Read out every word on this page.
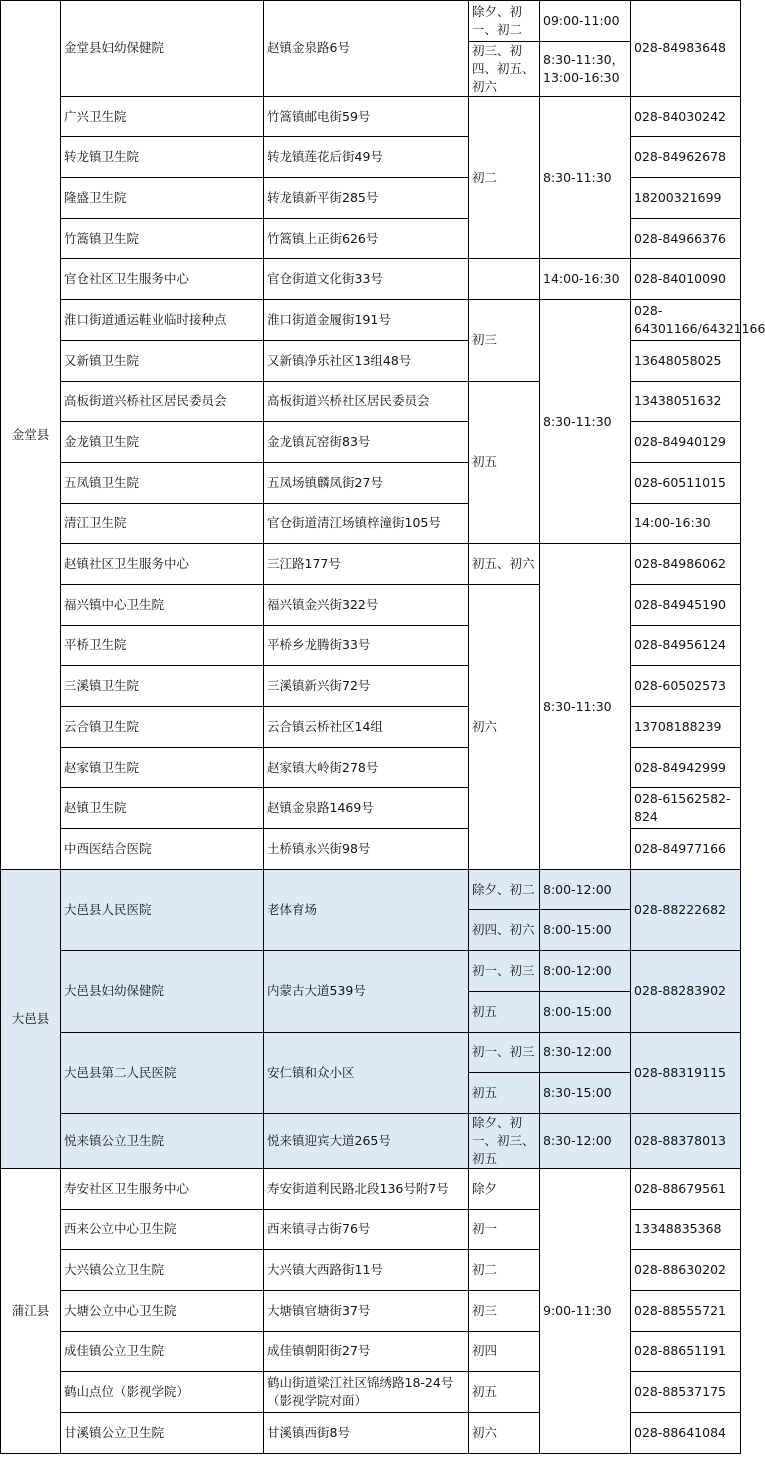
金堂县	金堂县妇幼保健院	赵镇金泉路6号	除夕、初一、初二	09:00-11:00	028-84983648	
			初三、初四、初五、初六	8:30-11:30，13:00-16:30		
	广兴卫生院	竹篙镇邮电街59号	初二	8:30-11:30	028-84030242	
	转龙镇卫生院	转龙镇莲花后街49号			028-84962678	
	隆盛卫生院	转龙镇新平街285号			18200321699	
	竹篙镇卫生院	竹篙镇上正街626号			028-84966376	
	官仓社区卫生服务中心	官仓街道文化街33号		14:00-16:30	028-84010090	
	淮口街道通运鞋业临时接种点	淮口街道金履街191号	初三	8:30-11:30	028-64301166/64321166	
	又新镇卫生院	又新镇净乐社区13组48号			13648058025	
	高板街道兴桥社区居民委员会	高板街道兴桥社区居民委员会	初五		13438051632	
	金龙镇卫生院	金龙镇瓦窑街83号			028-84940129	
	五凤镇卫生院	五凤场镇麟凤街27号			028-60511015	
	清江卫生院	官仓街道清江场镇梓潼街105号			14:00-16:30	
	赵镇社区卫生服务中心	三江路177号	初五、初六	8:30-11:30	028-84986062	
	福兴镇中心卫生院	福兴镇金兴街322号	初六		028-84945190	
	平桥卫生院	平桥乡龙腾街33号			028-84956124	
	三溪镇卫生院	三溪镇新兴街72号			028-60502573	
	云合镇卫生院	云合镇云桥社区14组			13708188239	
	赵家镇卫生院	赵家镇大岭街278号			028-84942999	
	赵镇卫生院	赵镇金泉路1469号			028-61562582-824	
	中西医结合医院	土桥镇永兴街98号			028-84977166	
大邑县	大邑县人民医院	老体育场	除夕、初二	8:00-12:00	028-88222682	
			初四、初六	8:00-15:00		
	大邑县妇幼保健院	内蒙古大道539号	初一、初三	8:00-12:00	028-88283902	
			初五	8:00-15:00		
	大邑县第二人民医院	安仁镇和众小区	初一、初三	8:30-12:00	028-88319115	
			初五	8:30-15:00		
	悦来镇公立卫生院	悦来镇迎宾大道265号	除夕、初一、初三、初五	8:30-12:00	028-88378013	
蒲江县	寿安社区卫生服务中心	寿安街道利民路北段136号附7号	除夕	9:00-11:30	028-88679561	
	西来公立中心卫生院	西来镇寻古街76号	初一		13348835368	
	大兴镇公立卫生院	大兴镇大西路街11号	初二		028-88630202	
	大塘公立中心卫生院	大塘镇官塘街37号	初三		028-88555721	
	成佳镇公立卫生院	成佳镇朝阳街27号	初四		028-88651191	
	鹤山点位（影视学院）	鹤山街道梁江社区锦绣路18-24号（影视学院对面）	初五		028-88537175	
	甘溪镇公立卫生院	甘溪镇西街8号	初六		028-88641084	
